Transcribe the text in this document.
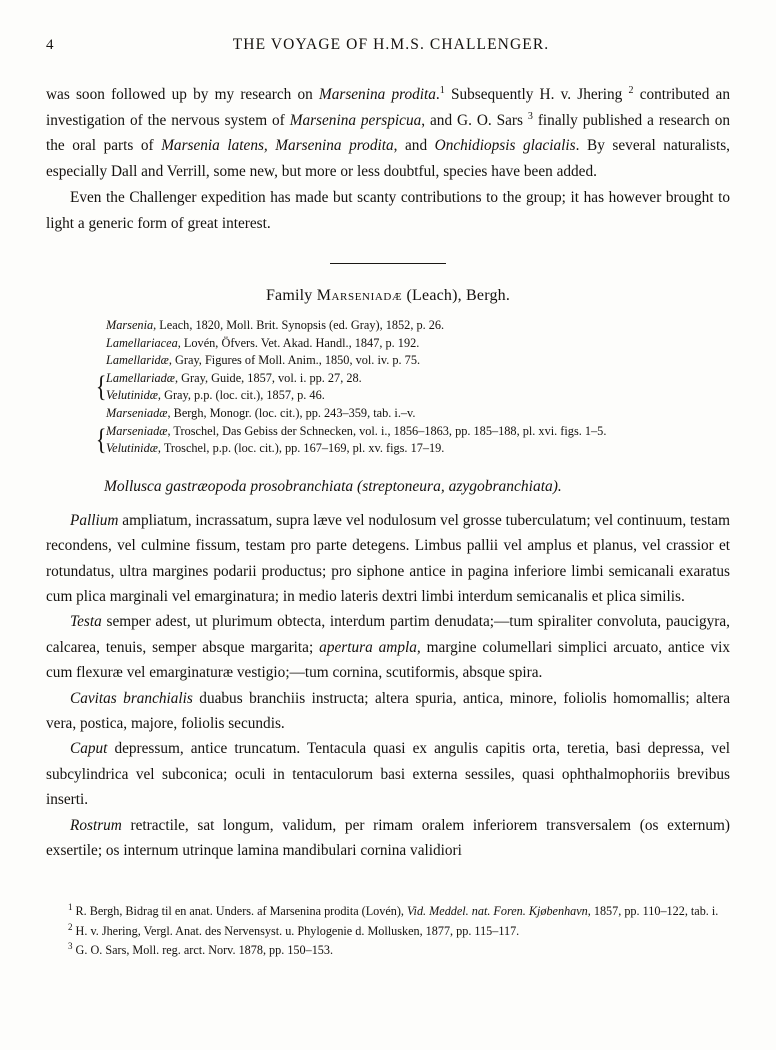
4	THE VOYAGE OF H.M.S. CHALLENGER.

was soon followed up by my research on Marsenina prodita.$^1$ Subsequently H. v. Jhering $^2$ contributed an investigation of the nervous system of Marsenina perspicua, and G. O. Sars $^3$ finally published a research on the oral parts of Marsenia latens, Marsenina prodita, and Onchidiopsis glacialis. By several naturalists, especially Dall and Verrill, some new, but more or less doubtful, species have been added.

Even the Challenger expedition has made but scanty contributions to the group; it has however brought to light a generic form of great interest.

Family Marseniadæ (Leach), Bergh.
Marsenia, Leach, 1820, Moll. Brit. Synopsis (ed. Gray), 1852, p. 26.
Lamellariacea, Lovén, Öfvers. Vet. Akad. Handl., 1847, p. 192.
Lamellaridæ, Gray, Figures of Moll. Anim., 1850, vol. iv. p. 75.
{ Lamellariadæ, Gray, Guide, 1857, vol. i. pp. 27, 28.
Velutinidæ, Gray, p.p. (loc. cit.), 1857, p. 46.
Marseniadæ, Bergh, Monogr. (loc. cit.), pp. 243–359, tab. i.–v.
{ Marseniadæ, Troschel, Das Gebiss der Schnecken, vol. i., 1856–1863, pp. 185–188, pl. xvi. figs. 1–5.
Velutinidæ, Troschel, p.p. (loc. cit.), pp. 167–169, pl. xv. figs. 17–19.
Mollusca gastræopoda prosobranchiata (streptoneura, azygobranchiata).

Pallium ampliatum, incrassatum, supra læve vel nodulosum vel grosse tuberculatum; vel continuum, testam recondens, vel culmine fissum, testam pro parte detegens. Limbus pallii vel amplus et planus, vel crassior et rotundatus, ultra margines podarii productus; pro siphone antice in pagina inferiore limbi semicanali exaratus cum plica marginali vel emarginatura; in medio lateris dextri limbi interdum semicanalis et plica similis.

Testa semper adest, ut plurimum obtecta, interdum partim denudata;—tum spiraliter convoluta, paucigyra, calcarea, tenuis, semper absque margarita; apertura ampla, margine columellari simplici arcuato, antice vix cum flexuræ vel emarginaturæ vestigio;—tum cornina, scutiformis, absque spira.

Cavitas branchialis duabus branchiis instructa; altera spuria, antica, minore, foliolis homomallis; altera vera, postica, majore, foliolis secundis.

Caput depressum, antice truncatum. Tentacula quasi ex angulis capitis orta, teretia, basi depressa, vel subcylindrica vel subconica; oculi in tentaculorum basi externa sessiles, quasi ophthalmophoriis brevibus inserti.

Rostrum retractile, sat longum, validum, per rimam oralem inferiorem transversalem (os externum) exsertile; os internum utrinque lamina mandibulari cornina validiori

$^1$ R. Bergh, Bidrag til en anat. Unders. af Marsenina prodita (Lovén), Vid. Meddel. nat. Foren. Kjøbenhavn, 1857, pp. 110–122, tab. i.

$^2$ H. v. Jhering, Vergl. Anat. des Nervensyst. u. Phylogenie d. Mollusken, 1877, pp. 115–117.

$^3$ G. O. Sars, Moll. reg. arct. Norv. 1878, pp. 150–153.
